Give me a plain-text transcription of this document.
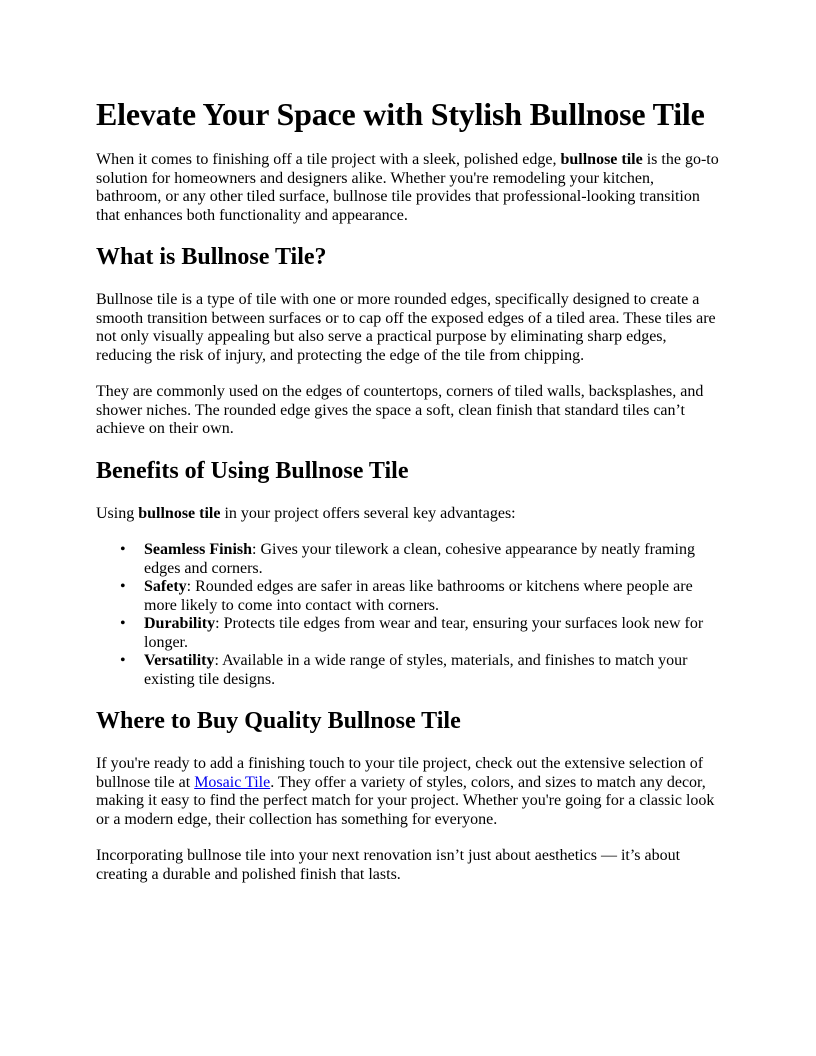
Elevate Your Space with Stylish Bullnose Tile

When it comes to finishing off a tile project with a sleek, polished edge, bullnose tile is the go-to solution for homeowners and designers alike. Whether you're remodeling your kitchen, bathroom, or any other tiled surface, bullnose tile provides that professional-looking transition that enhances both functionality and appearance.

What is Bullnose Tile?

Bullnose tile is a type of tile with one or more rounded edges, specifically designed to create a smooth transition between surfaces or to cap off the exposed edges of a tiled area. These tiles are not only visually appealing but also serve a practical purpose by eliminating sharp edges, reducing the risk of injury, and protecting the edge of the tile from chipping.

They are commonly used on the edges of countertops, corners of tiled walls, backsplashes, and shower niches. The rounded edge gives the space a soft, clean finish that standard tiles can’t achieve on their own.

Benefits of Using Bullnose Tile

Using bullnose tile in your project offers several key advantages:

• Seamless Finish: Gives your tilework a clean, cohesive appearance by neatly framing edges and corners.
• Safety: Rounded edges are safer in areas like bathrooms or kitchens where people are more likely to come into contact with corners.
• Durability: Protects tile edges from wear and tear, ensuring your surfaces look new for longer.
• Versatility: Available in a wide range of styles, materials, and finishes to match your existing tile designs.
Where to Buy Quality Bullnose Tile

If you're ready to add a finishing touch to your tile project, check out the extensive selection of bullnose tile at Mosaic Tile. They offer a variety of styles, colors, and sizes to match any decor, making it easy to find the perfect match for your project. Whether you're going for a classic look or a modern edge, their collection has something for everyone.

Incorporating bullnose tile into your next renovation isn’t just about aesthetics — it’s about creating a durable and polished finish that lasts.
